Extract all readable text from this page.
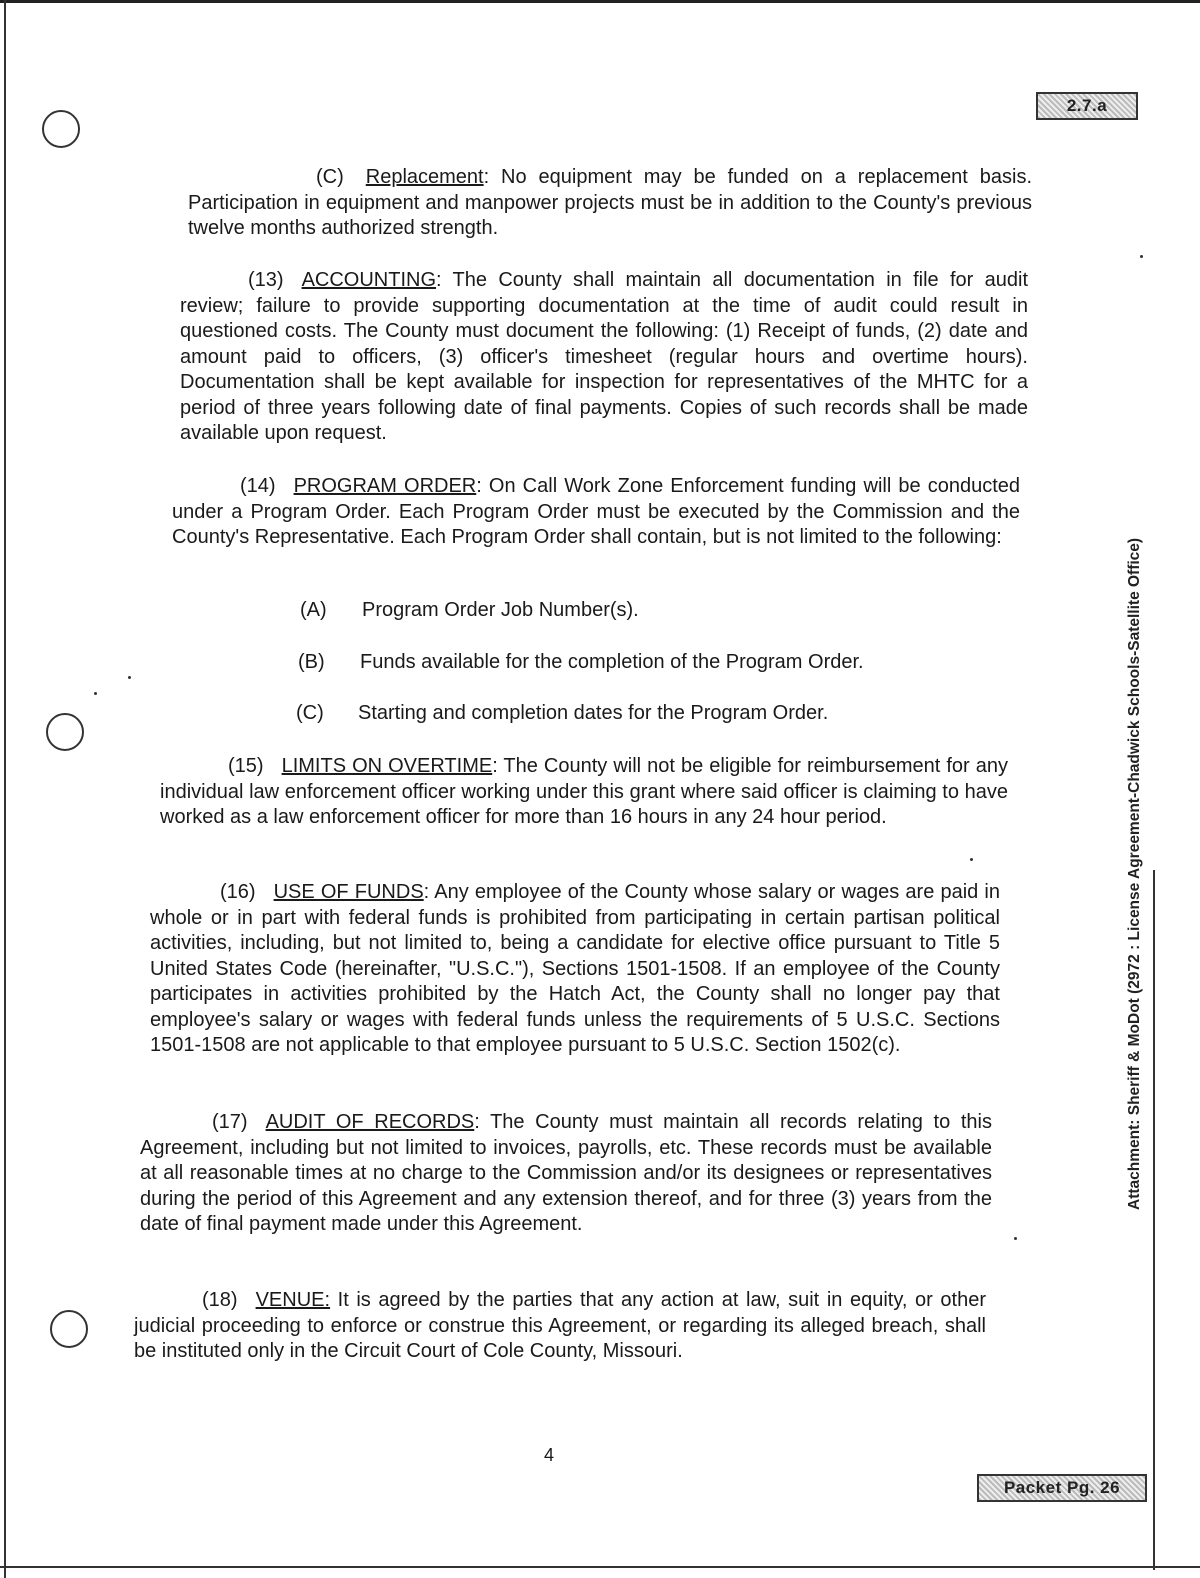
2.7.a
Attachment: Sheriff & MoDot (2972 : License Agreement-Chadwick Schools-Satellite Office)
(C) Replacement: No equipment may be funded on a replacement basis. Participation in equipment and manpower projects must be in addition to the County's previous twelve months authorized strength.
(13) ACCOUNTING: The County shall maintain all documentation in file for audit review; failure to provide supporting documentation at the time of audit could result in questioned costs. The County must document the following: (1) Receipt of funds, (2) date and amount paid to officers, (3) officer's timesheet (regular hours and overtime hours). Documentation shall be kept available for inspection for representatives of the MHTC for a period of three years following date of final payments. Copies of such records shall be made available upon request.
(14) PROGRAM ORDER: On Call Work Zone Enforcement funding will be conducted under a Program Order. Each Program Order must be executed by the Commission and the County's Representative. Each Program Order shall contain, but is not limited to the following:
(A) Program Order Job Number(s).
(B) Funds available for the completion of the Program Order.
(C) Starting and completion dates for the Program Order.
(15) LIMITS ON OVERTIME: The County will not be eligible for reimbursement for any individual law enforcement officer working under this grant where said officer is claiming to have worked as a law enforcement officer for more than 16 hours in any 24 hour period.
(16) USE OF FUNDS: Any employee of the County whose salary or wages are paid in whole or in part with federal funds is prohibited from participating in certain partisan political activities, including, but not limited to, being a candidate for elective office pursuant to Title 5 United States Code (hereinafter, "U.S.C."), Sections 1501-1508. If an employee of the County participates in activities prohibited by the Hatch Act, the County shall no longer pay that employee's salary or wages with federal funds unless the requirements of 5 U.S.C. Sections 1501-1508 are not applicable to that employee pursuant to 5 U.S.C. Section 1502(c).
(17) AUDIT OF RECORDS: The County must maintain all records relating to this Agreement, including but not limited to invoices, payrolls, etc. These records must be available at all reasonable times at no charge to the Commission and/or its designees or representatives during the period of this Agreement and any extension thereof, and for three (3) years from the date of final payment made under this Agreement.
(18) VENUE: It is agreed by the parties that any action at law, suit in equity, or other judicial proceeding to enforce or construe this Agreement, or regarding its alleged breach, shall be instituted only in the Circuit Court of Cole County, Missouri.
4
Packet Pg. 26
